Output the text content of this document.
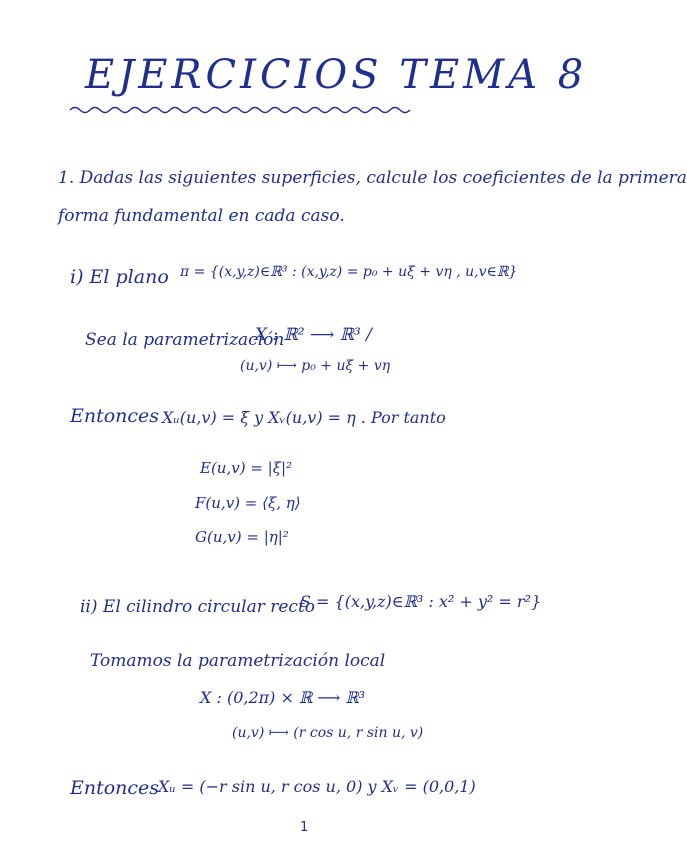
EJERCICIOS TEMA 8
1. Dadas las siguientes superficies, calcule los coeficientes de la primera
forma fundamental en cada caso.
i) El plano π = {(x,y,z)∈ℝ³ : (x,y,z) = p₀ + uξ + vη , u,v∈ℝ}
Sea la parametrización
X : ℝ² ⟶ ℝ³ /
(u,v) ⟼ p₀ + uξ + vη
Entonces Xᵤ(u,v) = ξ y Xᵥ(u,v) = η . Por tanto
E(u,v) = |ξ|²
F(u,v) = ⟨ξ, η⟩
G(u,v) = |η|²
ii) El cilindro circular recto
S = {(x,y,z)∈ℝ³ : x² + y² = r²}
Tomamos la parametrización local
X : (0,2π) × ℝ ⟶ ℝ³
(u,v) ⟼ (r cos u, r sin u, v)
Entonces
Xᵤ = (−r sin u, r cos u, 0) y Xᵥ = (0,0,1)
1
